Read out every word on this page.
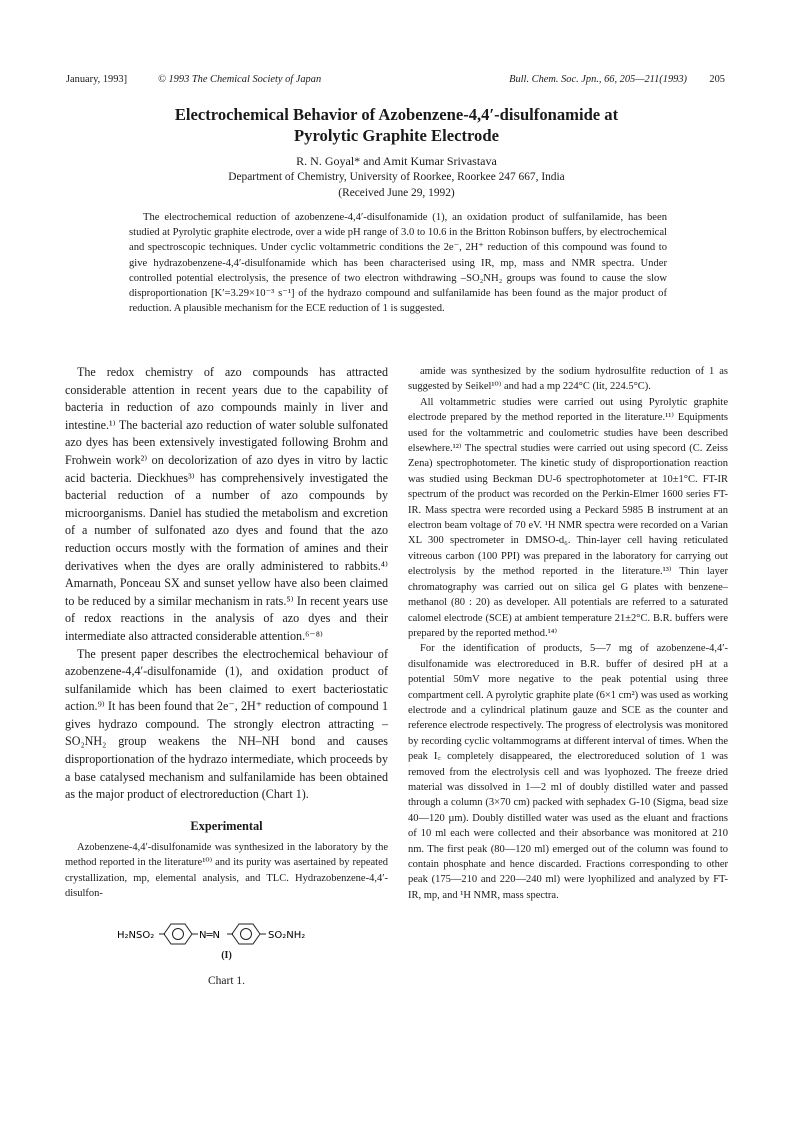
January, 1993]	© 1993 The Chemical Society of Japan	Bull. Chem. Soc. Jpn., 66, 205—211(1993) 205
Electrochemical Behavior of Azobenzene-4,4′-disulfonamide at
Pyrolytic Graphite Electrode
R. N. Goyal* and Amit Kumar Srivastava
Department of Chemistry, University of Roorkee, Roorkee 247 667, India
(Received June 29, 1992)
The electrochemical reduction of azobenzene-4,4′-disulfonamide (1), an oxidation product of sulfanilamide, has been studied at Pyrolytic graphite electrode, over a wide pH range of 3.0 to 10.6 in the Britton Robinson buffers, by electrochemical and spectroscopic techniques. Under cyclic voltammetric conditions the 2e⁻, 2H⁺ reduction of this compound was found to give hydrazobenzene-4,4′-disulfonamide which has been characterised using IR, mp, mass and NMR spectra. Under controlled potential electrolysis, the presence of two electron withdrawing –SO₂NH₂ groups was found to cause the slow disproportionation [K′=3.29×10⁻³ s⁻¹] of the hydrazo compound and sulfanilamide has been found as the major product of reduction. A plausible mechanism for the ECE reduction of 1 is suggested.

The redox chemistry of azo compounds has attracted considerable attention in recent years due to the capability of bacteria in reduction of azo compounds mainly in liver and intestine.¹⁾ The bacterial azo reduction of water soluble sulfonated azo dyes has been extensively investigated following Brohm and Frohwein work²⁾ on decolorization of azo dyes in vitro by lactic acid bacteria. Dieckhues³⁾ has comprehensively investigated the bacterial reduction of a number of azo compounds by microorganisms. Daniel has studied the metabolism and excretion of a number of sulfonated azo dyes and found that the azo reduction occurs mostly with the formation of amines and their derivatives when the dyes are orally administered to rabbits.⁴⁾ Amarnath, Ponceau SX and sunset yellow have also been claimed to be reduced by a similar mechanism in rats.⁵⁾ In recent years use of redox reactions in the analysis of azo dyes and their intermediate also attracted considerable attention.⁶⁻⁸⁾

The present paper describes the electrochemical behaviour of azobenzene-4,4′-disulfonamide (1), and oxidation product of sulfanilamide which has been claimed to exert bacteriostatic action.⁹⁾ It has been found that 2e⁻, 2H⁺ reduction of compound 1 gives hydrazo compound. The strongly electron attracting –SO₂NH₂ group weakens the NH–NH bond and causes disproportionation of the hydrazo intermediate, which proceeds by a base catalysed mechanism and sulfanilamide has been obtained as the major product of electroreduction (Chart 1).

Experimental

Azobenzene-4,4′-disulfonamide was synthesized in the laboratory by the method reported in the literature¹⁰⁾ and its purity was asertained by repeated crystallization, mp, elemental analysis, and TLC. Hydrazobenzene-4,4′-disulfon-

H₂NSO₂	N═N	SO₂NH₂
(I)
Chart 1.

amide was synthesized by the sodium hydrosulfite reduction of 1 as suggested by Seikel¹⁰⁾ and had a mp 224°C (lit, 224.5°C).

All voltammetric studies were carried out using Pyrolytic graphite electrode prepared by the method reported in the literature.¹¹⁾ Equipments used for the voltammetric and coulometric studies have been described elsewhere.¹²⁾ The spectral studies were carried out using specord (C. Zeiss Zena) spectrophotometer. The kinetic study of disproportionation reaction was studied using Beckman DU-6 spectrophotometer at 10±1°C. FT-IR spectrum of the product was recorded on the Perkin-Elmer 1600 series FT-IR. Mass spectra were recorded using a Peckard 5985 B instrument at an electron beam voltage of 70 eV. ¹H NMR spectra were recorded on a Varian XL 300 spectrometer in DMSO-d₆. Thin-layer cell having reticulated vitreous carbon (100 PPI) was prepared in the laboratory for carrying out electrolysis by the method reported in the literature.¹³⁾ Thin layer chromatography was carried out on silica gel G plates with benzene–methanol (80 : 20) as developer. All potentials are referred to a saturated calomel electrode (SCE) at ambient temperature 21±2°C. B.R. buffers were prepared by the reported method.¹⁴⁾

For the identification of products, 5—7 mg of azobenzene-4,4′-disulfonamide was electroreduced in B.R. buffer of desired pH at a potential 50mV more negative to the peak potential using three compartment cell. A pyrolytic graphite plate (6×1 cm²) was used as working electrode and a cylindrical platinum gauze and SCE as the counter and reference electrode respectively. The progress of electrolysis was monitored by recording cyclic voltammograms at different interval of times. When the peak I꜀ completely disappeared, the electroreduced solution of 1 was removed from the electrolysis cell and was lyophozed. The freeze dried material was dissolved in 1—2 ml of doubly distilled water and passed through a column (3×70 cm) packed with sephadex G-10 (Sigma, bead size 40—120 µm). Doubly distilled water was used as the eluant and fractions of 10 ml each were collected and their absorbance was monitored at 210 nm. The first peak (80—120 ml) emerged out of the column was found to contain phosphate and hence discarded. Fractions corresponding to other peak (175—210 and 220—240 ml) were lyophilized and analyzed by FT-IR, mp, and ¹H NMR, mass spectra.
